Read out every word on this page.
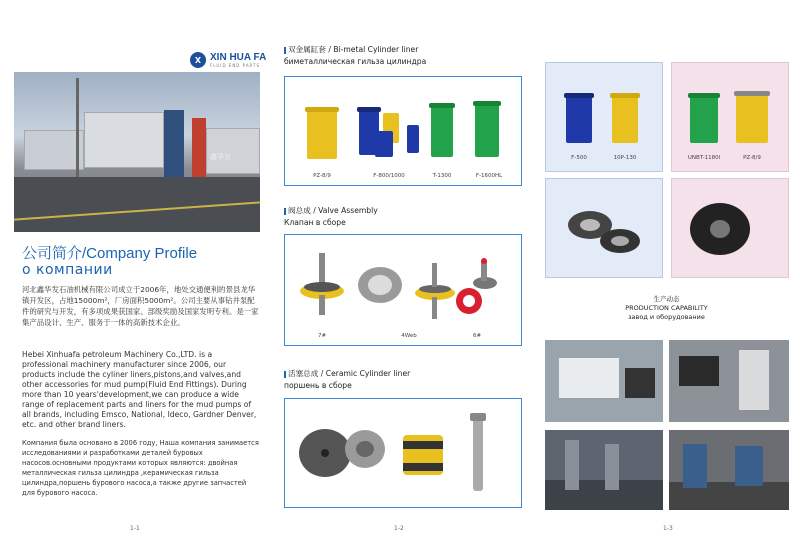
X XIN HUA FA
FLUID END PARTS
鑫华发
公司简介/Company Profile
о компании
河北鑫华发石油机械有限公司成立于2006年，地处交通便利的景县龙华镇开发区，占地15000m²，厂房面积5000m²。公司主要从事钻井泵配件的研究与开发，有多项成果获国家、部级奖励及国家发明专利。是一家集产品设计、生产、服务于一体的高新技术企业。
Hebei Xinhuafa petroleum Machinery Co.,LTD. is a professional machinery manufacturer since 2006, our products include the cyliner liners,pistons,and valves,and other accessories for mud pump(Fluid End Fittings). During more than 10 years'development,we can produce a wide range of replacement parts and liners for the mud pumps of all brands, including Emsco, National, Ideco, Gardner Denver, etc. and other brand liners.
Компания была основано в 2006 году, Наша компания занимается исследованиями и разработками деталей буровых насосов.основными продуктами которых являются: двойная металлическая гильза цилиндра ,керамическая гильза цилиндра,поршень бурового насоса,а также другие запчастей для бурового насоса.
1-1
双金属缸套 / Bi-metal Cylinder liner
биметаллическая гильза цилиндра
PZ-8/9	F-800/1000	T-1300	F-1600HL
阀总成 / Valve Assembly
Клапан в сборе
7#	4Web	6#
活塞总成 / Ceramic Cylinder liner
поршень в сборе
1-2
F-500	10P-130	UNBT-1180l	PZ-8/9
1-3
生产动态
PRODUCTION CAPABILITY
завод и оборудование
